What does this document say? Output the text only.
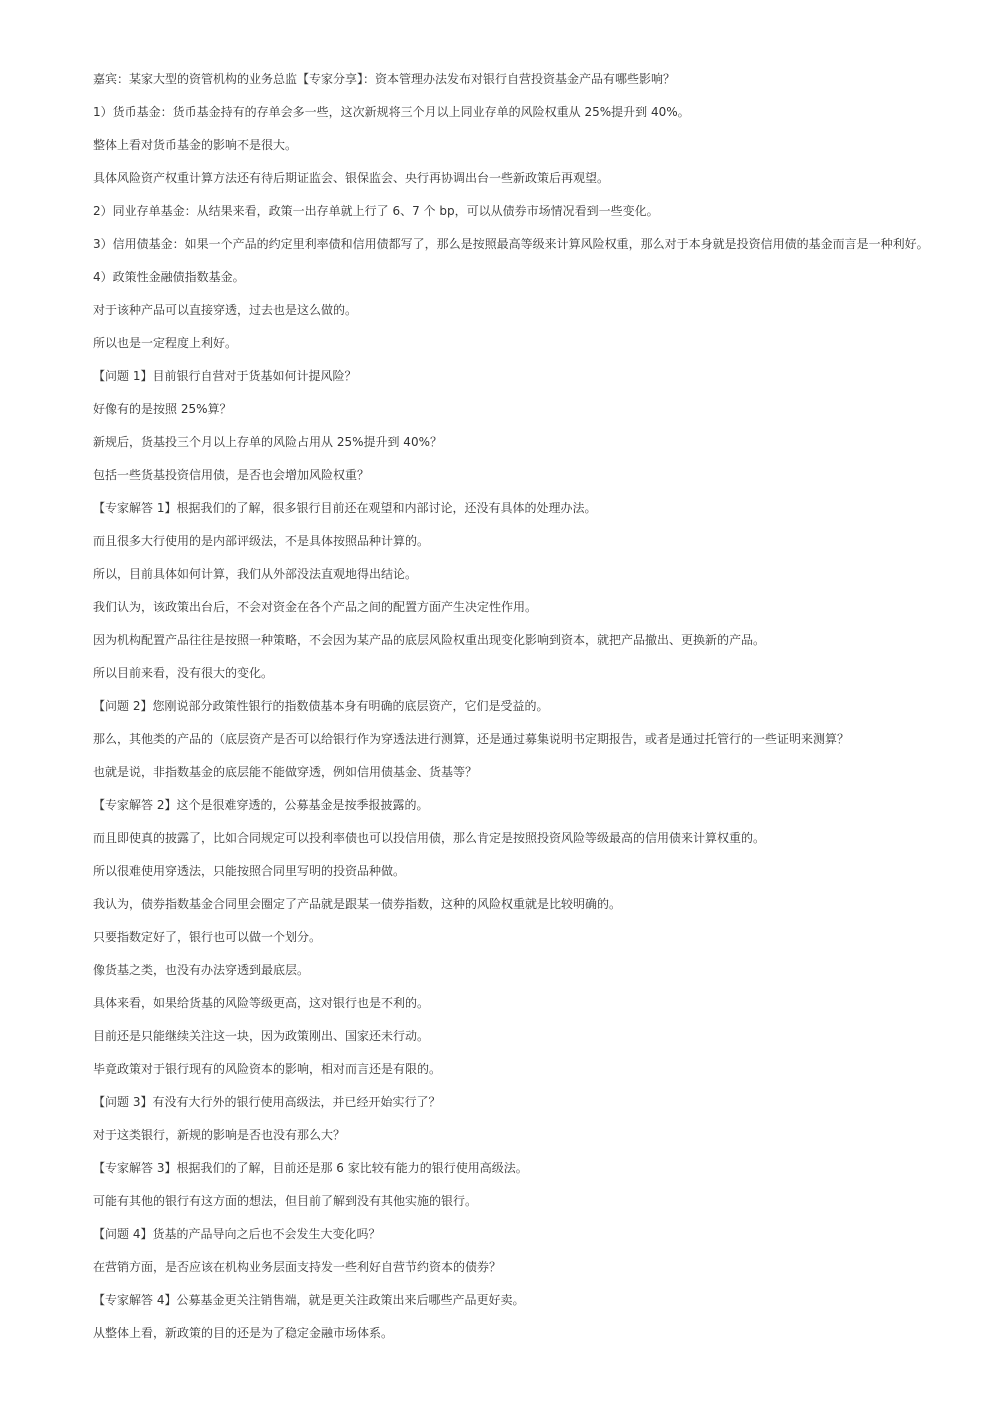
嘉宾：某家大型的资管机构的业务总监【专家分享】：资本管理办法发布对银行自营投资基金产品有哪些影响？

1）货币基金：货币基金持有的存单会多一些，这次新规将三个月以上同业存单的风险权重从 25%提升到 40%。

整体上看对货币基金的影响不是很大。

具体风险资产权重计算方法还有待后期证监会、银保监会、央行再协调出台一些新政策后再观望。

2）同业存单基金：从结果来看，政策一出存单就上行了 6、7 个 bp，可以从债券市场情况看到一些变化。

3）信用债基金：如果一个产品的约定里利率债和信用债都写了，那么是按照最高等级来计算风险权重，那么对于本身就是投资信用债的基金而言是一种利好。

4）政策性金融债指数基金。

对于该种产品可以直接穿透，过去也是这么做的。

所以也是一定程度上利好。

【问题 1】目前银行自营对于货基如何计提风险？

好像有的是按照 25%算？

新规后，货基投三个月以上存单的风险占用从 25%提升到 40%？

包括一些货基投资信用债，是否也会增加风险权重？

【专家解答 1】根据我们的了解，很多银行目前还在观望和内部讨论，还没有具体的处理办法。

而且很多大行使用的是内部评级法，不是具体按照品种计算的。

所以，目前具体如何计算，我们从外部没法直观地得出结论。

我们认为，该政策出台后，不会对资金在各个产品之间的配置方面产生决定性作用。

因为机构配置产品往往是按照一种策略，不会因为某产品的底层风险权重出现变化影响到资本，就把产品撤出、更换新的产品。

所以目前来看，没有很大的变化。

【问题 2】您刚说部分政策性银行的指数债基本身有明确的底层资产，它们是受益的。

那么，其他类的产品的（底层资产是否可以给银行作为穿透法进行测算，还是通过募集说明书定期报告，或者是通过托管行的一些证明来测算？

也就是说，非指数基金的底层能不能做穿透，例如信用债基金、货基等？

【专家解答 2】这个是很难穿透的，公募基金是按季报披露的。

而且即使真的披露了，比如合同规定可以投利率债也可以投信用债，那么肯定是按照投资风险等级最高的信用债来计算权重的。

所以很难使用穿透法，只能按照合同里写明的投资品种做。

我认为，债券指数基金合同里会圈定了产品就是跟某一债券指数，这种的风险权重就是比较明确的。

只要指数定好了，银行也可以做一个划分。

像货基之类，也没有办法穿透到最底层。

具体来看，如果给货基的风险等级更高，这对银行也是不利的。

目前还是只能继续关注这一块，因为政策刚出、国家还未行动。

毕竟政策对于银行现有的风险资本的影响，相对而言还是有限的。

【问题 3】有没有大行外的银行使用高级法，并已经开始实行了？

对于这类银行，新规的影响是否也没有那么大？

【专家解答 3】根据我们的了解，目前还是那 6 家比较有能力的银行使用高级法。

可能有其他的银行有这方面的想法，但目前了解到没有其他实施的银行。

【问题 4】货基的产品导向之后也不会发生大变化吗？

在营销方面，是否应该在机构业务层面支持发一些利好自营节约资本的债券？

【专家解答 4】公募基金更关注销售端，就是更关注政策出来后哪些产品更好卖。

从整体上看，新政策的目的还是为了稳定金融市场体系。
